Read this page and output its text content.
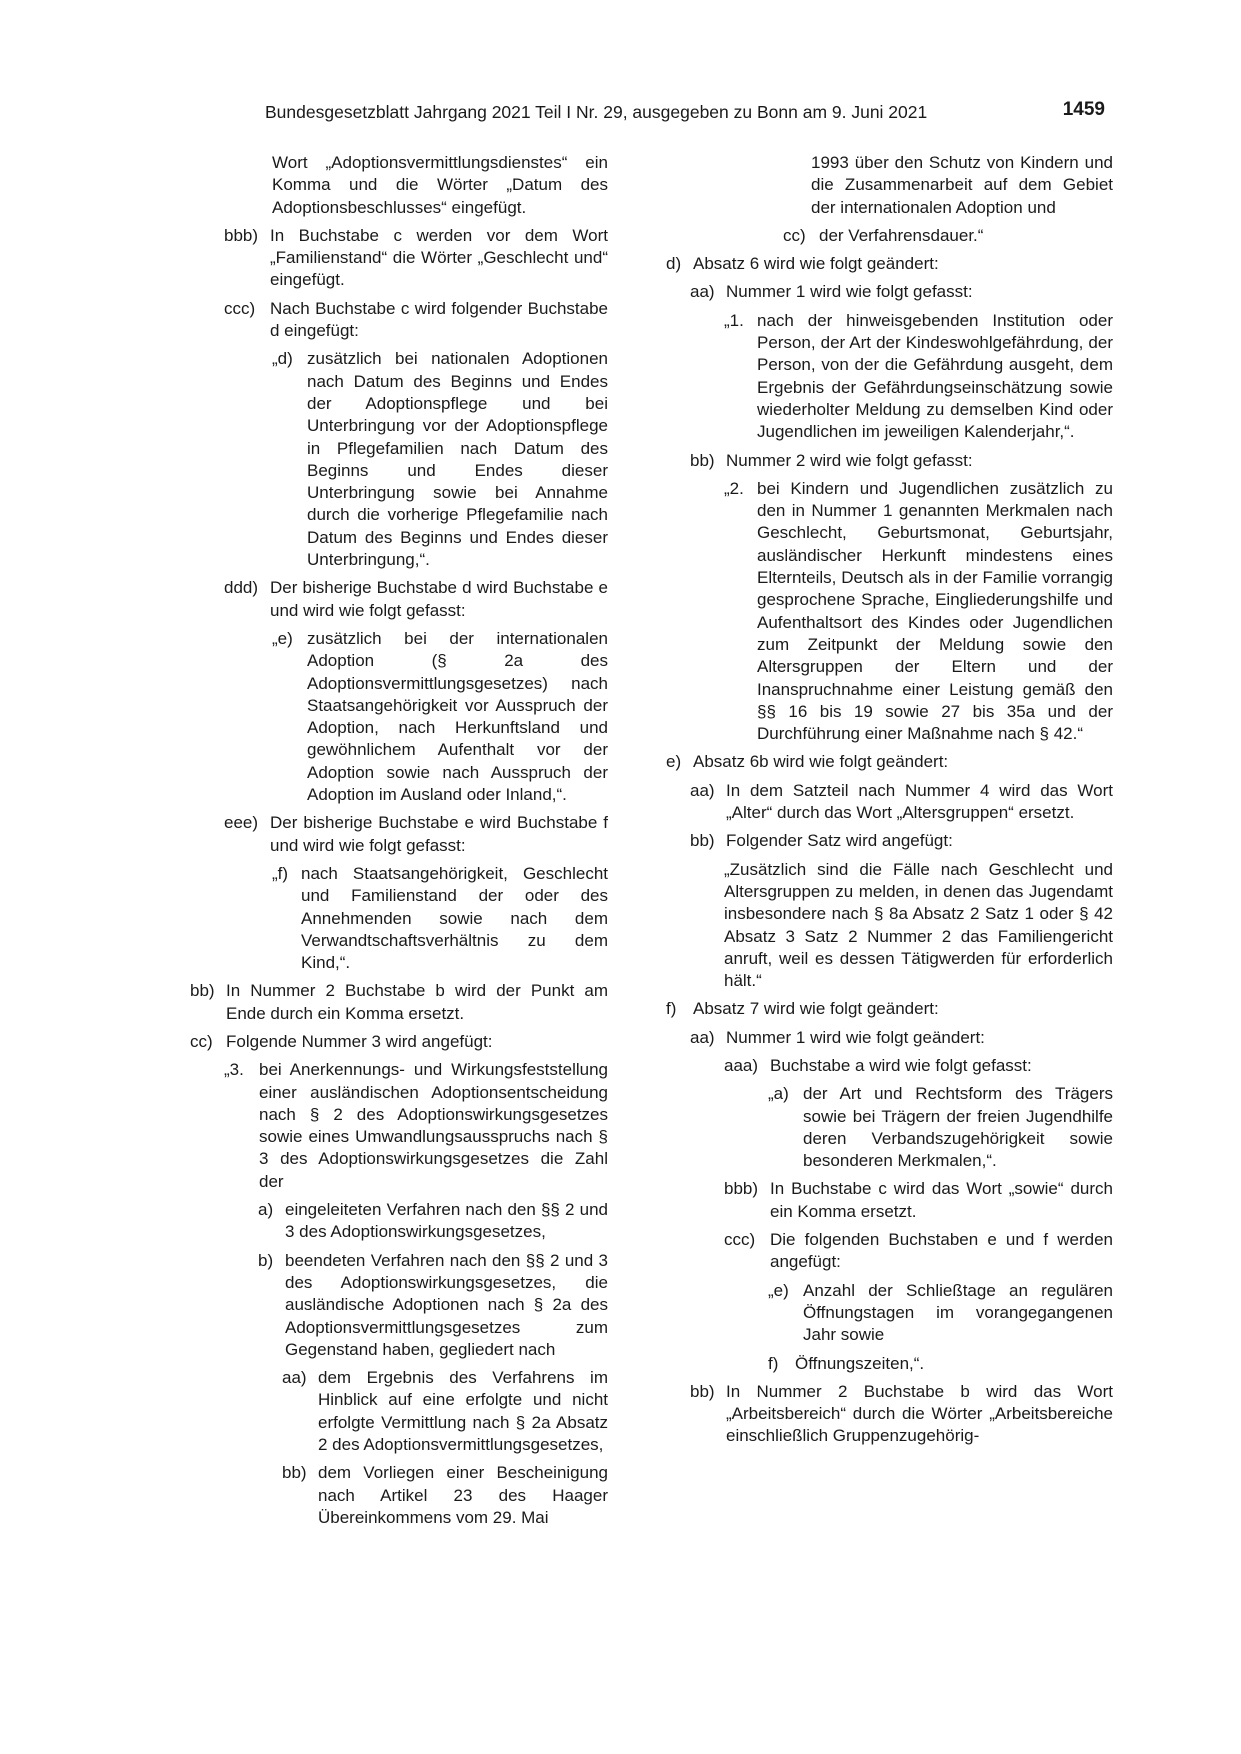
Bundesgesetzblatt Jahrgang 2021 Teil I Nr. 29, ausgegeben zu Bonn am 9. Juni 2021	1459
Wort „Adoptionsvermittlungsdienstes“ ein Komma und die Wörter „Datum des Adoptionsbeschlusses“ eingefügt.
bbb) In Buchstabe c werden vor dem Wort „Familienstand“ die Wörter „Geschlecht und“ eingefügt.
ccc) Nach Buchstabe c wird folgender Buchstabe d eingefügt:
„d) zusätzlich bei nationalen Adoptionen nach Datum des Beginns und Endes der Adoptionspflege und bei Unterbringung vor der Adoptionspflege in Pflegefamilien nach Datum des Beginns und Endes dieser Unterbringung sowie bei Annahme durch die vorherige Pflegefamilie nach Datum des Beginns und Endes dieser Unterbringung,“.
ddd) Der bisherige Buchstabe d wird Buchstabe e und wird wie folgt gefasst:
„e) zusätzlich bei der internationalen Adoption (§ 2a des Adoptionsvermittlungsgesetzes) nach Staatsangehörigkeit vor Ausspruch der Adoption, nach Herkunftsland und gewöhnlichem Aufenthalt vor der Adoption sowie nach Ausspruch der Adoption im Ausland oder Inland,“.
eee) Der bisherige Buchstabe e wird Buchstabe f und wird wie folgt gefasst:
„f) nach Staatsangehörigkeit, Geschlecht und Familienstand der oder des Annehmenden sowie nach dem Verwandtschaftsverhältnis zu dem Kind,“.
bb) In Nummer 2 Buchstabe b wird der Punkt am Ende durch ein Komma ersetzt.
cc) Folgende Nummer 3 wird angefügt:
„3. bei Anerkennungs- und Wirkungsfeststellung einer ausländischen Adoptionsentscheidung nach § 2 des Adoptionswirkungsgesetzes sowie eines Umwandlungsausspruchs nach § 3 des Adoptionswirkungsgesetzes die Zahl der
a) eingeleiteten Verfahren nach den §§ 2 und 3 des Adoptionswirkungsgesetzes,
b) beendeten Verfahren nach den §§ 2 und 3 des Adoptionswirkungsgesetzes, die ausländische Adoptionen nach § 2a des Adoptionsvermittlungsgesetzes zum Gegenstand haben, gegliedert nach
aa) dem Ergebnis des Verfahrens im Hinblick auf eine erfolgte und nicht erfolgte Vermittlung nach § 2a Absatz 2 des Adoptionsvermittlungsgesetzes,
bb) dem Vorliegen einer Bescheinigung nach Artikel 23 des Haager Übereinkommens vom 29. Mai
1993 über den Schutz von Kindern und die Zusammenarbeit auf dem Gebiet der internationalen Adoption und
cc) der Verfahrensdauer.“
d) Absatz 6 wird wie folgt geändert:
aa) Nummer 1 wird wie folgt gefasst:
„1. nach der hinweisgebenden Institution oder Person, der Art der Kindeswohlgefährdung, der Person, von der die Gefährdung ausgeht, dem Ergebnis der Gefährdungseinschätzung sowie wiederholter Meldung zu demselben Kind oder Jugendlichen im jeweiligen Kalenderjahr,“.
bb) Nummer 2 wird wie folgt gefasst:
„2. bei Kindern und Jugendlichen zusätzlich zu den in Nummer 1 genannten Merkmalen nach Geschlecht, Geburtsmonat, Geburtsjahr, ausländischer Herkunft mindestens eines Elternteils, Deutsch als in der Familie vorrangig gesprochene Sprache, Eingliederungshilfe und Aufenthaltsort des Kindes oder Jugendlichen zum Zeitpunkt der Meldung sowie den Altersgruppen der Eltern und der Inanspruchnahme einer Leistung gemäß den §§ 16 bis 19 sowie 27 bis 35a und der Durchführung einer Maßnahme nach § 42.“
e) Absatz 6b wird wie folgt geändert:
aa) In dem Satzteil nach Nummer 4 wird das Wort „Alter“ durch das Wort „Altersgruppen“ ersetzt.
bb) Folgender Satz wird angefügt:
„Zusätzlich sind die Fälle nach Geschlecht und Altersgruppen zu melden, in denen das Jugendamt insbesondere nach § 8a Absatz 2 Satz 1 oder § 42 Absatz 3 Satz 2 Nummer 2 das Familiengericht anruft, weil es dessen Tätigwerden für erforderlich hält.“
f) Absatz 7 wird wie folgt geändert:
aa) Nummer 1 wird wie folgt geändert:
aaa) Buchstabe a wird wie folgt gefasst:
„a) der Art und Rechtsform des Trägers sowie bei Trägern der freien Jugendhilfe deren Verbandszugehörigkeit sowie besonderen Merkmalen,“.
bbb) In Buchstabe c wird das Wort „sowie“ durch ein Komma ersetzt.
ccc) Die folgenden Buchstaben e und f werden angefügt:
„e) Anzahl der Schließtage an regulären Öffnungstagen im vorangegangenen Jahr sowie
f) Öffnungszeiten,“.
bb) In Nummer 2 Buchstabe b wird das Wort „Arbeitsbereich“ durch die Wörter „Arbeitsbereiche einschließlich Gruppenzugehörig-
